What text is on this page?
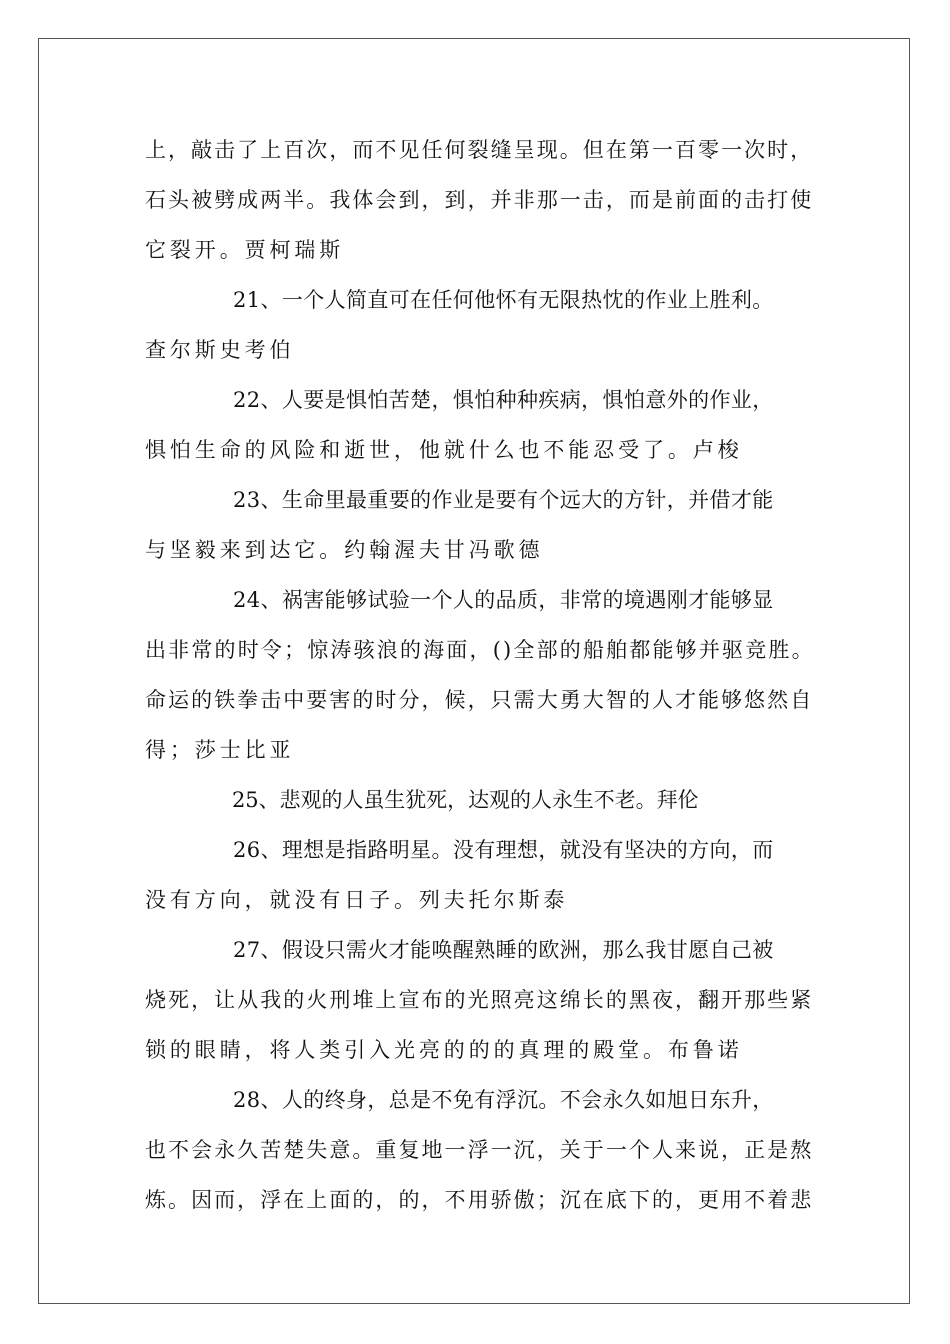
上，敲击了上百次，而不见任何裂缝呈现。但在第一百零一次时，
石头被劈成两半。我体会到，到，并非那一击，而是前面的击打使
它裂开。贾柯瑞斯
21、一个人简直可在任何他怀有无限热忱的作业上胜利。
查尔斯史考伯
22、人要是惧怕苦楚，惧怕种种疾病，惧怕意外的作业，
惧怕生命的风险和逝世，他就什么也不能忍受了。卢梭
23、生命里最重要的作业是要有个远大的方针，并借才能
与坚毅来到达它。约翰渥夫甘冯歌德
24、祸害能够试验一个人的品质，非常的境遇刚才能够显
出非常的时令；惊涛骇浪的海面，()全部的船舶都能够并驱竞胜。
命运的铁拳击中要害的时分，候，只需大勇大智的人才能够悠然自
得；莎士比亚
25、悲观的人虽生犹死，达观的人永生不老。拜伦
26、理想是指路明星。没有理想，就没有坚决的方向，而
没有方向，就没有日子。列夫托尔斯泰
27、假设只需火才能唤醒熟睡的欧洲，那么我甘愿自己被
烧死，让从我的火刑堆上宣布的光照亮这绵长的黑夜，翻开那些紧
锁的眼睛，将人类引入光亮的的的真理的殿堂。布鲁诺
28、人的终身，总是不免有浮沉。不会永久如旭日东升，
也不会永久苦楚失意。重复地一浮一沉，关于一个人来说，正是熬
炼。因而，浮在上面的，的，不用骄傲；沉在底下的，更用不着悲
